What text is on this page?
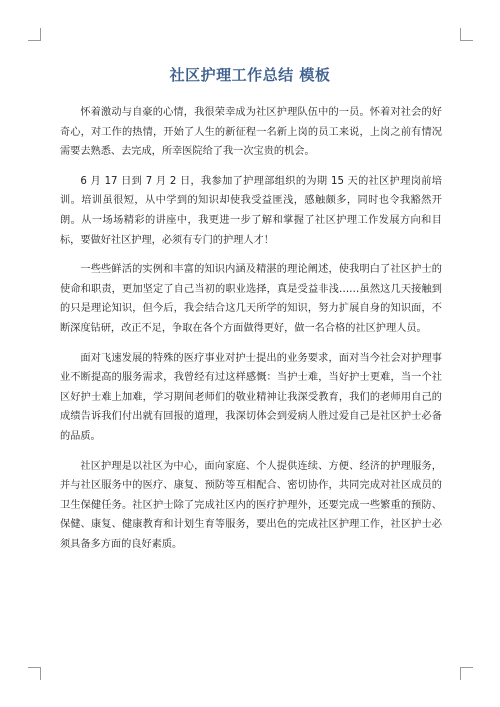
社区护理工作总结 模板

怀着激动与自豪的心情，我很荣幸成为社区护理队伍中的一员。怀着对社会的好奇心，对工作的热情，开始了人生的新征程一名新上岗的员工来说，上岗之前有情况需要去熟悉、去完成，所幸医院给了我一次宝贵的机会。

6 月 17 日到 7 月 2 日，我参加了护理部组织的为期 15 天的社区护理岗前培训。培训虽很短，从中学到的知识却使我受益匪浅，感触颇多，同时也令我豁然开朗。从一场场精彩的讲座中，我更进一步了解和掌握了社区护理工作发展方向和目标，要做好社区护理，必须有专门的护理人才！

一些些鲜活的实例和丰富的知识内涵及精湛的理论阐述，使我明白了社区护士的使命和职责，更加坚定了自己当初的职业选择，真是受益非浅……虽然这几天接触到的只是理论知识，但今后，我会结合这几天所学的知识，努力扩展自身的知识面，不断深度钻研，改正不足，争取在各个方面做得更好，做一名合格的社区护理人员。

面对飞速发展的特殊的医疗事业对护士提出的业务要求，面对当今社会对护理事业不断提高的服务需求，我曾经有过这样感慨：当护士难，当好护士更难，当一个社区好护士难上加难，学习期间老师们的敬业精神让我深受教育，我们的老师用自己的成绩告诉我们付出就有回报的道理，我深切体会到爱病人胜过爱自己是社区护士必备的品质。

社区护理是以社区为中心，面向家庭、个人提供连续、方便、经济的护理服务，并与社区服务中的医疗、康复、预防等互相配合、密切协作，共同完成对社区成员的卫生保健任务。社区护士除了完成社区内的医疗护理外，还要完成一些繁重的预防、保健、康复、健康教育和计划生育等服务，要出色的完成社区护理工作，社区护士必须具备多方面的良好素质。
